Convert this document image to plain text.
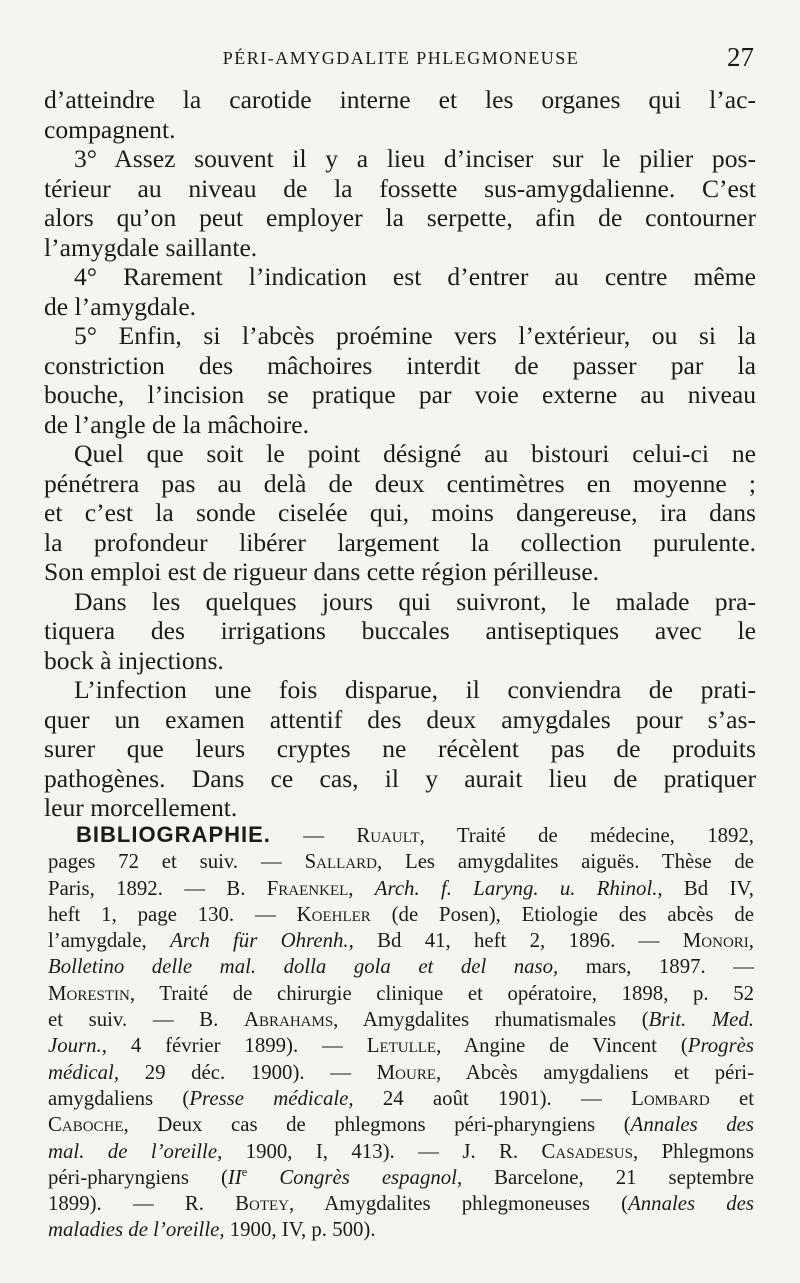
PÉRI-AMYGDALITE PHLEGMONEUSE	27
d’atteindre la carotide interne et les organes qui l’ac-
compagnent.
3° Assez souvent il y a lieu d’inciser sur le pilier pos-
térieur au niveau de la fossette sus-amygdalienne. C’est
alors qu’on peut employer la serpette, afin de contourner
l’amygdale saillante.
4° Rarement l’indication est d’entrer au centre même
de l’amygdale.
5° Enfin, si l’abcès proémine vers l’extérieur, ou si la
constriction des mâchoires interdit de passer par la
bouche, l’incision se pratique par voie externe au niveau
de l’angle de la mâchoire.
Quel que soit le point désigné au bistouri celui-ci ne
pénétrera pas au delà de deux centimètres en moyenne ;
et c’est la sonde ciselée qui, moins dangereuse, ira dans
la profondeur libérer largement la collection purulente.
Son emploi est de rigueur dans cette région périlleuse.
Dans les quelques jours qui suivront, le malade pra-
tiquera des irrigations buccales antiseptiques avec le
bock à injections.
L’infection une fois disparue, il conviendra de prati-
quer un examen attentif des deux amygdales pour s’as-
surer que leurs cryptes ne récèlent pas de produits
pathogènes. Dans ce cas, il y aurait lieu de pratiquer
leur morcellement.
BIBLIOGRAPHIE. — Ruault, Traité de médecine, 1892,
pages 72 et suiv. — Sallard, Les amygdalites aiguës. Thèse de
Paris, 1892. — B. Fraenkel, Arch. f. Laryng. u. Rhinol., Bd IV,
heft 1, page 130. — Koehler (de Posen), Etiologie des abcès de
l’amygdale, Arch für Ohrenh., Bd 41, heft 2, 1896. — Monori,
Bolletino delle mal. dolla gola et del naso, mars, 1897. —
Morestin, Traité de chirurgie clinique et opératoire, 1898, p. 52
et suiv. — B. Abrahams, Amygdalites rhumatismales (Brit. Med.
Journ., 4 février 1899). — Letulle, Angine de Vincent (Progrès
médical, 29 déc. 1900). — Moure, Abcès amygdaliens et péri-
amygdaliens (Presse médicale, 24 août 1901). — Lombard et
Caboche, Deux cas de phlegmons péri-pharyngiens (Annales des
mal. de l’oreille, 1900, I, 413). — J. R. Casadesus, Phlegmons
péri-pharyngiens (IIe Congrès espagnol, Barcelone, 21 septembre
1899). — R. Botey, Amygdalites phlegmoneuses (Annales des
maladies de l’oreille, 1900, IV, p. 500).
